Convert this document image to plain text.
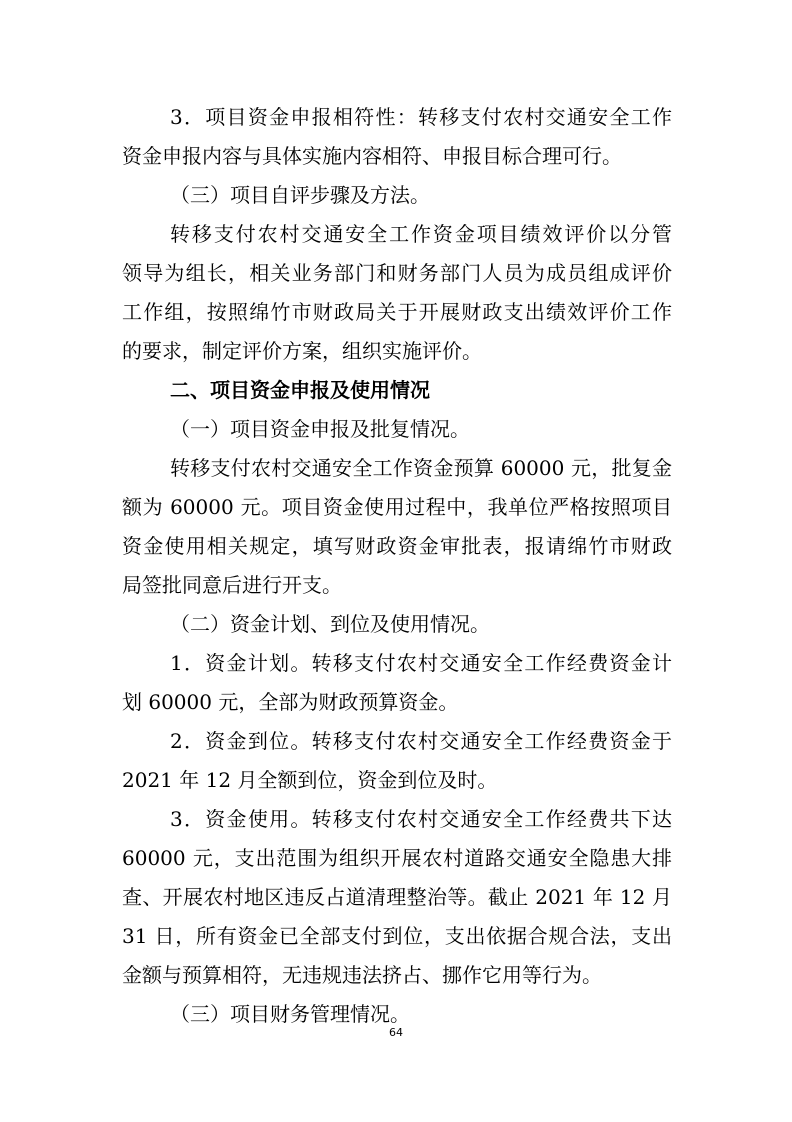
3．项目资金申报相符性：转移支付农村交通安全工作
资金申报内容与具体实施内容相符、申报目标合理可行。
（三）项目自评步骤及方法。
转移支付农村交通安全工作资金项目绩效评价以分管
领导为组长，相关业务部门和财务部门人员为成员组成评价
工作组，按照绵竹市财政局关于开展财政支出绩效评价工作
的要求，制定评价方案，组织实施评价。
二、项目资金申报及使用情况
（一）项目资金申报及批复情况。
转移支付农村交通安全工作资金预算 60000 元，批复金
额为 60000 元。项目资金使用过程中，我单位严格按照项目
资金使用相关规定，填写财政资金审批表，报请绵竹市财政
局签批同意后进行开支。
（二）资金计划、到位及使用情况。
1．资金计划。转移支付农村交通安全工作经费资金计
划 60000 元，全部为财政预算资金。
2．资金到位。转移支付农村交通安全工作经费资金于
2021 年 12 月全额到位，资金到位及时。
3．资金使用。转移支付农村交通安全工作经费共下达
60000 元，支出范围为组织开展农村道路交通安全隐患大排
查、开展农村地区违反占道清理整治等。截止 2021 年 12 月
31 日，所有资金已全部支付到位，支出依据合规合法，支出
金额与预算相符，无违规违法挤占、挪作它用等行为。
（三）项目财务管理情况。
64
